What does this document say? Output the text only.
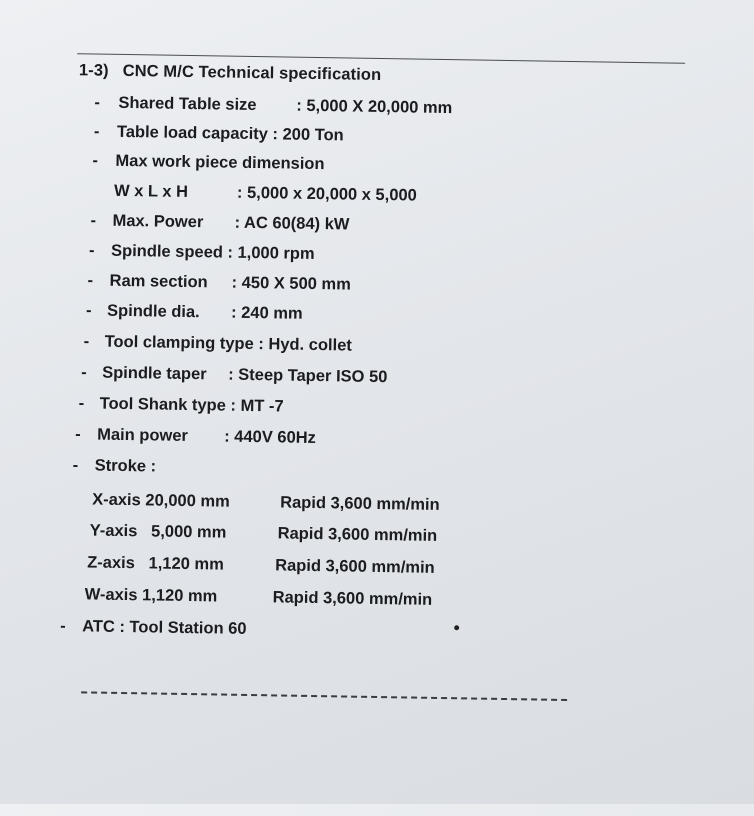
1-3) CNC M/C Technical specification
- Shared Table size : 5,000 X 20,000 mm
- Table load capacity : 200 Ton
- Max work piece dimension
W x L x H	: 5,000 x 20,000 x 5,000
- Max. Power : AC 60(84) kW
- Spindle speed : 1,000 rpm
- Ram section : 450 X 500 mm
- Spindle dia. : 240 mm
- Tool clamping type : Hyd. collet
- Spindle taper : Steep Taper ISO 50
- Tool Shank type : MT -7
- Main power : 440V 60Hz
- Stroke :
X-axis 20,000 mm	Rapid 3,600 mm/min
Y-axis   5,000 mm	Rapid 3,600 mm/min
Z-axis   1,120 mm	Rapid 3,600 mm/min
W-axis 1,120 mm	Rapid 3,600 mm/min
- ATC : Tool Station 60
